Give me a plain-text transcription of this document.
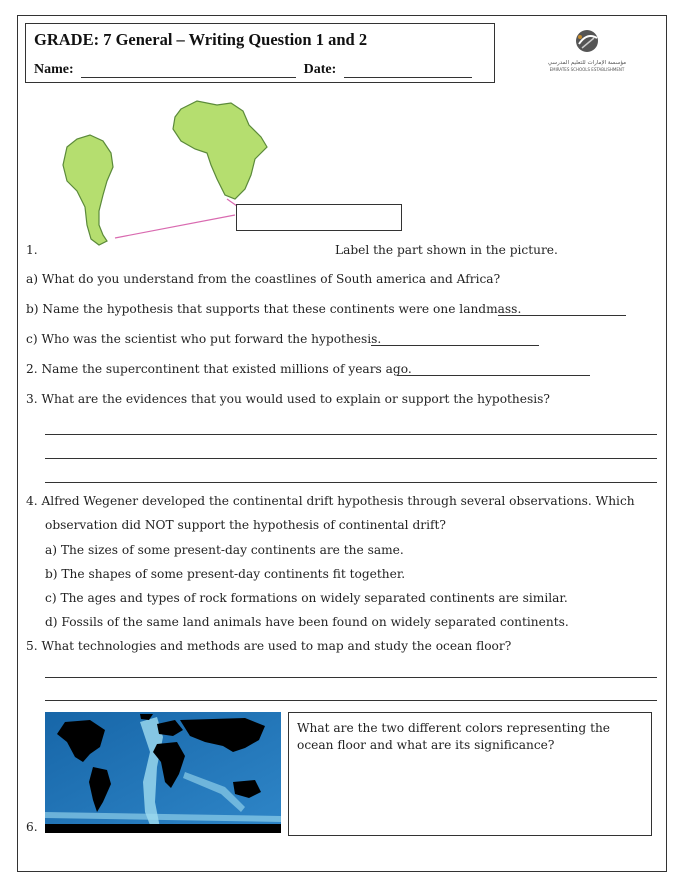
GRADE: 7 General – Writing Question 1 and 2
Name:	Date:	مؤسسة الإمارات للتعليم المدرسي
EMIRATES SCHOOLS ESTABLISHMENT
1.	Label the part shown in the picture.
a) What do you understand from the coastlines of South america and Africa?
b) Name the hypothesis that supports that these continents were one landmass.
c) Who was the scientist who put forward the hypothesis.
2. Name the supercontinent that existed millions of years ago.
3. What are the evidences that you would used to explain or support the hypothesis?
4. Alfred Wegener developed the continental drift hypothesis through several observations. Which
observation did NOT support the hypothesis of continental drift?
a) The sizes of some present-day continents are the same.
b) The shapes of some present-day continents fit together.
c) The ages and types of rock formations on widely separated continents are similar.
d) Fossils of the same land animals have been found on widely separated continents.
5. What technologies and methods are used to map and study the ocean floor?
What are the two different colors representing the ocean floor and what are its significance?
6.
